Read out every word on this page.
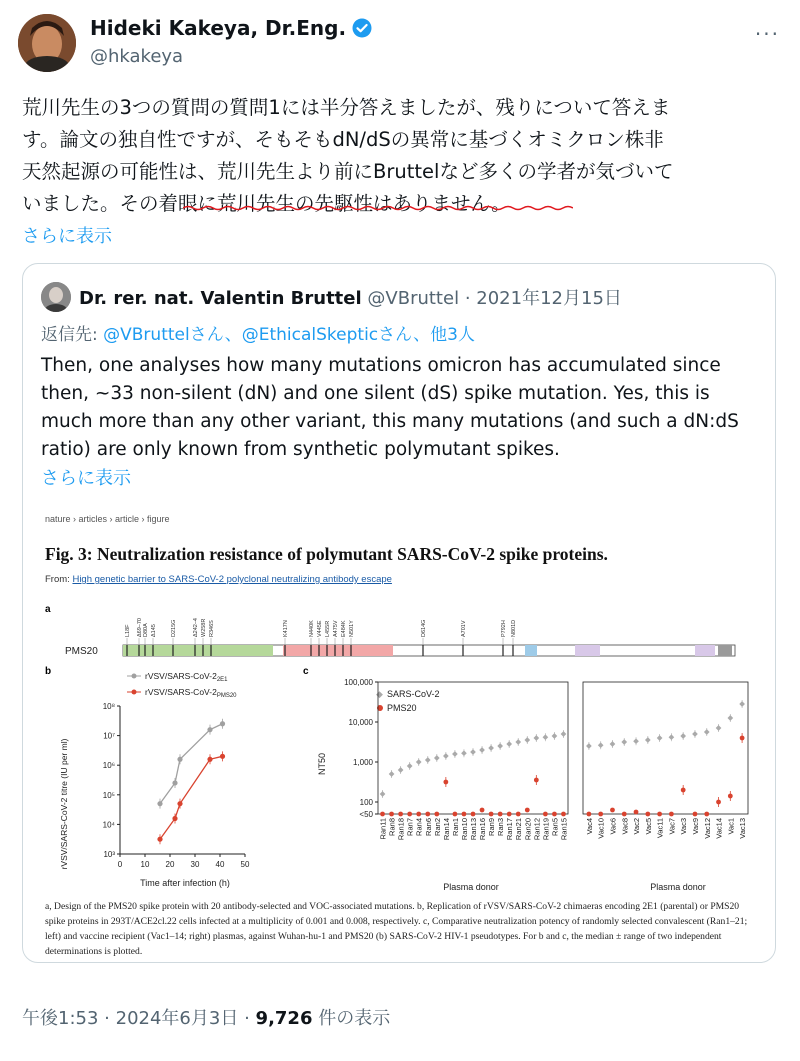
Hideki Kakeya, Dr.Eng.
@hkakeya
···
荒川先生の3つの質問の質問1には半分答えましたが、残りについて答えま
す。論文の独自性ですが、そもそもdN/dSの異常に基づくオミクロン株非
天然起源の可能性は、荒川先生より前にBruttelなど多くの学者が気づいて
いました。その着眼に荒川先生の先駆性はありません。
さらに表示
Dr. rer. nat. Valentin Bruttel @VBruttel · 2021年12月15日
返信先: @VBruttelさん、@EthicalSkepticさん、他3人
Then, one analyses how many mutations omicron has accumulated since then, ~33 non-silent (dN) and one silent (dS) spike mutation. Yes, this is much more than any other variant, this many mutations (and such a dN:dS ratio) are only known from synthetic polymutant spikes.
さらに表示
nature › articles › article › figure
Fig. 3: Neutralization resistance of polymutant SARS-CoV-2 spike proteins.
From: High genetic barrier to SARS-CoV-2 polyclonal neutralizing antibody escape
a
PMS20
L18F Δ69–70 D80A Δ145	D215G	Δ242–4 W258R R346S	K417N	N440K V445E L455R A475V E484K N501Y	D614G	A701V	P792H N801D
b	rVSV/$SARS-CoV-2_{2E1}$
rVSV/$SARS-CoV-2_{PMS20}$
10³
10⁴
10⁵
10⁶
10⁷
10⁸
0 10 20 30 40 50
rVSV/SARS-CoV-2 titre (IU per ml)
Time after infection (h)
c
◆ SARS-CoV-2
PMS20
100,000
10,000
1,000
100
<50
Ran11 Ran8 Ran18 Ran7 Ran4 Ran6 Ran2 Ran14 Ran1 Ran10 Ran13 Ran16 Ran9 Ran3 Ran17 Ran21 Ran20 Ran12 Ran19 Ran5 Ran15 Vac4 Vac10 Vac6 Vac8 Vac2 Vac5 Vac11 Vac7 Vac3 Vac9 Vac12 Vac14 Vac1 Vac13
NT50
Plasma donor	Plasma donor
a, Design of the PMS20 spike protein with 20 antibody-selected and VOC-associated mutations. b, Replication of rVSV/SARS-CoV-2 chimaeras encoding 2E1 (parental) or PMS20 spike proteins in 293T/ACE2cl.22 cells infected at a multiplicity of 0.001 and 0.008, respectively. c, Comparative neutralization potency of randomly selected convalescent (Ran1–21; left) and vaccine recipient (Vac1–14; right) plasmas, against Wuhan-hu-1 and PMS20 (b) SARS-CoV-2 HIV-1 pseudotypes. For b and c, the median ± range of two independent determinations is plotted.
午後1:53 · 2024年6月3日 · 9,726 件の表示
